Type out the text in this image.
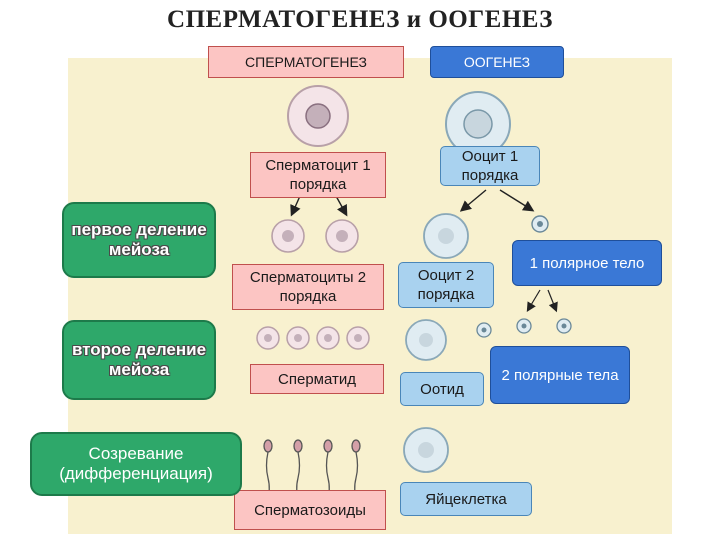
СПЕРМАТОГЕНЕЗ и ООГЕНЕЗ
СПЕРМАТОГЕНЕЗ	ООГЕНЕЗ
Сперматоцит 1 порядка
Сперматоциты 2 порядка
Сперматид
Сперматозоиды
Ооцит 1 порядка
Ооцит 2 порядка
1 полярное тело
Оотид
2 полярные тела
Яйцеклетка
первое деление мейоза
второе деление мейоза
Созревание (дифференциация)
